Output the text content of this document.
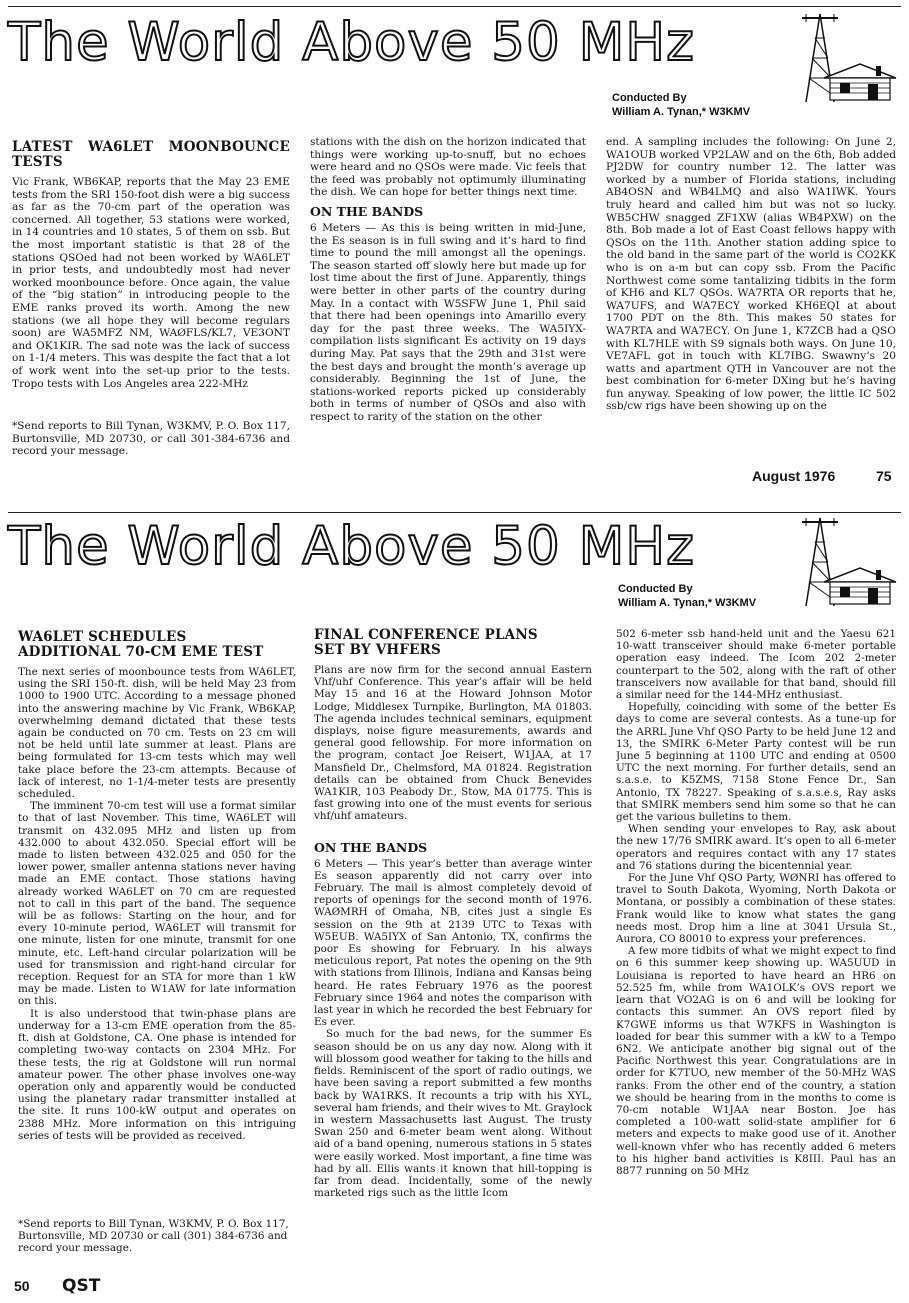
The World Above 50 MHz
Conducted By
William A. Tynan,* W3KMV
LATEST WA6LET MOONBOUNCE TESTS

Vic Frank, WB6KAP, reports that the May 23 EME tests from the SRI 150-foot dish were a big success as far as the 70-cm part of the operation was concerned. All together, 53 stations were worked, in 14 countries and 10 states, 5 of them on ssb. But the most important statistic is that 28 of the stations QSOed had not been worked by WA6LET in prior tests, and undoubtedly most had never worked moonbounce before. Once again, the value of the “big station” in introducing people to the EME ranks proved its worth. Among the new stations (we all hope they will become regulars soon) are WA5MFZ NM, WAØFLS/KL7, VE3ONT and OK1KIR. The sad note was the lack of success on 1-1/4 meters. This was despite the fact that a lot of work went into the set-up prior to the tests. Tropo tests with Los Angeles area 222-MHz

*Send reports to Bill Tynan, W3KMV, P. O. Box 117, Burtonsville, MD 20730, or call 301-384-6736 and record your message.

stations with the dish on the horizon indicated that things were working up-to-snuff, but no echoes were heard and no QSOs were made. Vic feels that the feed was probably not optimumly illuminating the dish. We can hope for better things next time.

ON THE BANDS

6 Meters — As this is being written in mid-June, the Es season is in full swing and it’s hard to find time to pound the mill amongst all the openings. The season started off slowly here but made up for lost time about the first of June. Apparently, things were better in other parts of the country during May. In a contact with W5SFW June 1, Phil said that there had been openings into Amarillo every day for the past three weeks. The WA5IYX-compilation lists significant Es activity on 19 days during May. Pat says that the 29th and 31st were the best days and brought the month’s average up considerably. Beginning the 1st of June, the stations-worked reports picked up considerably both in terms of number of QSOs and also with respect to rarity of the station on the other

end. A sampling includes the following: On June 2, WA1OUB worked VP2LAW and on the 6th, Bob added PJ2DW for country number 12. The latter was worked by a number of Florida stations, including AB4OSN and WB4LMQ and also WA1IWK. Yours truly heard and called him but was not so lucky. WB5CHW snagged ZF1XW (alias WB4PXW) on the 8th. Bob made a lot of East Coast fellows happy with QSOs on the 11th. Another station adding spice to the old band in the same part of the world is CO2KK who is on a-m but can copy ssb. From the Pacific Northwest come some tantalizing tidbits in the form of KH6 and KL7 QSOs. WA7RTA OR reports that he, WA7UFS, and WA7ECY worked KH6EQI at about 1700 PDT on the 8th. This makes 50 states for WA7RTA and WA7ECY. On June 1, K7ZCB had a QSO with KL7HLE with S9 signals both ways. On June 10, VE7AFL got in touch with KL7IBG. Swawny’s 20 watts and apartment QTH in Vancouver are not the best combination for 6-meter DXing but he’s having fun anyway. Speaking of low power, the little IC 502 ssb/cw rigs have been showing up on the

August 1976	75
The World Above 50 MHz
Conducted By
William A. Tynan,* W3KMV
WA6LET SCHEDULES
ADDITIONAL 70-CM EME TEST

The next series of moonbounce tests from WA6LET, using the SRI 150-ft. dish, will be held May 23 from 1000 to 1900 UTC. According to a message phoned into the answering machine by Vic Frank, WB6KAP, overwhelming demand dictated that these tests again be conducted on 70 cm. Tests on 23 cm will not be held until late summer at least. Plans are being formulated for 13-cm tests which may well take place before the 23-cm attempts. Because of lack of interest, no 1-1/4-meter tests are presently scheduled.

The imminent 70-cm test will use a format similar to that of last November. This time, WA6LET will transmit on 432.095 MHz and listen up from 432.000 to about 432.050. Special effort will be made to listen between 432.025 and 050 for the lower power, smaller antenna stations never having made an EME contact. Those stations having already worked WA6LET on 70 cm are requested not to call in this part of the band. The sequence will be as follows: Starting on the hour, and for every 10-minute period, WA6LET will transmit for one minute, listen for one minute, transmit for one minute, etc. Left-hand circular polarization will be used for transmission and right-hand circular for reception. Request for an STA for more than 1 kW may be made. Listen to W1AW for late information on this.

It is also understood that twin-phase plans are underway for a 13-cm EME operation from the 85-ft. dish at Goldstone, CA. One phase is intended for completing two-way contacts on 2304 MHz. For these tests, the rig at Goldstone will run normal amateur power. The other phase involves one-way operation only and apparently would be conducted using the planetary radar transmitter installed at the site. It runs 100-kW output and operates on 2388 MHz. More information on this intriguing series of tests will be provided as received.

*Send reports to Bill Tynan, W3KMV, P. O. Box 117, Burtonsville, MD 20730 or call (301) 384-6736 and record your message.
FINAL CONFERENCE PLANS
SET BY VHFERS

Plans are now firm for the second annual Eastern Vhf/uhf Conference. This year’s affair will be held May 15 and 16 at the Howard Johnson Motor Lodge, Middlesex Turnpike, Burlington, MA 01803. The agenda includes technical seminars, equipment displays, noise figure measurements, awards and general good fellowship. For more information on the program, contact Joe Reisert, W1JAA, at 17 Mansfield Dr., Chelmsford, MA 01824. Registration details can be obtained from Chuck Benevides WA1KIR, 103 Peabody Dr., Stow, MA 01775. This is fast growing into one of the must events for serious vhf/uhf amateurs.

ON THE BANDS

6 Meters — This year’s better than average winter Es season apparently did not carry over into February. The mail is almost completely devoid of reports of openings for the second month of 1976. WAØMRH of Omaha, NB, cites just a single Es session on the 9th at 2139 UTC to Texas with W5EUB. WA5IYX of San Antonio, TX, confirms the poor Es showing for February. In his always meticulous report, Pat notes the opening on the 9th with stations from Illinois, Indiana and Kansas being heard. He rates February 1976 as the poorest February since 1964 and notes the comparison with last year in which he recorded the best February for Es ever.

So much for the bad news, for the summer Es season should be on us any day now. Along with it will blossom good weather for taking to the hills and fields. Reminiscent of the sport of radio outings, we have been saving a report submitted a few months back by WA1RKS. It recounts a trip with his XYL, several ham friends, and their wives to Mt. Graylock in western Massachusetts last August. The trusty Swan 250 and 6-meter beam went along. Without aid of a band opening, numerous stations in 5 states were easily worked. Most important, a fine time was had by all. Ellis wants it known that hill-topping is far from dead. Incidentally, some of the newly marketed rigs such as the little Icom

502 6-meter ssb hand-held unit and the Yaesu 621 10-watt transceiver should make 6-meter portable operation easy indeed. The Icom 202 2-meter counterpart to the 502, along with the raft of other transceivers now available for that band, should fill a similar need for the 144-MHz enthusiast.

Hopefully, coinciding with some of the better Es days to come are several contests. As a tune-up for the ARRL June Vhf QSO Party to be held June 12 and 13, the SMIRK 6-Meter Party contest will be run June 5 beginning at 1100 UTC and ending at 0500 UTC the next morning. For further details, send an s.a.s.e. to K5ZMS, 7158 Stone Fence Dr., San Antonio, TX 78227. Speaking of s.a.s.e.s, Ray asks that SMIRK members send him some so that he can get the various bulletins to them.

When sending your envelopes to Ray, ask about the new 17/76 SMIRK award. It’s open to all 6-meter operators and requires contact with any 17 states and 76 stations during the bicentennial year.

For the June Vhf QSO Party, WØNRI has offered to travel to South Dakota, Wyoming, North Dakota or Montana, or possibly a combination of these states. Frank would like to know what states the gang needs most. Drop him a line at 3041 Ursula St., Aurora, CO 80010 to express your preferences.

A few more tidbits of what we might expect to find on 6 this summer keep showing up. WA5UUD in Louisiana is reported to have heard an HR6 on 52.525 fm, while from WA1OLK’s OVS report we learn that VO2AG is on 6 and will be looking for contacts this summer. An OVS report filed by K7GWE informs us that W7KFS in Washington is loaded for bear this summer with a kW to a Tempo 6N2. We anticipate another big signal out of the Pacific Northwest this year. Congratulations are in order for K7TUO, new member of the 50-MHz WAS ranks. From the other end of the country, a station we should be hearing from in the months to come is 70-cm notable W1JAA near Boston. Joe has completed a 100-watt solid-state amplifier for 6 meters and expects to make good use of it. Another well-known vhfer who has recently added 6 meters to his higher band activities is K8III. Paul has an 8877 running on 50 MHz

50 QST
